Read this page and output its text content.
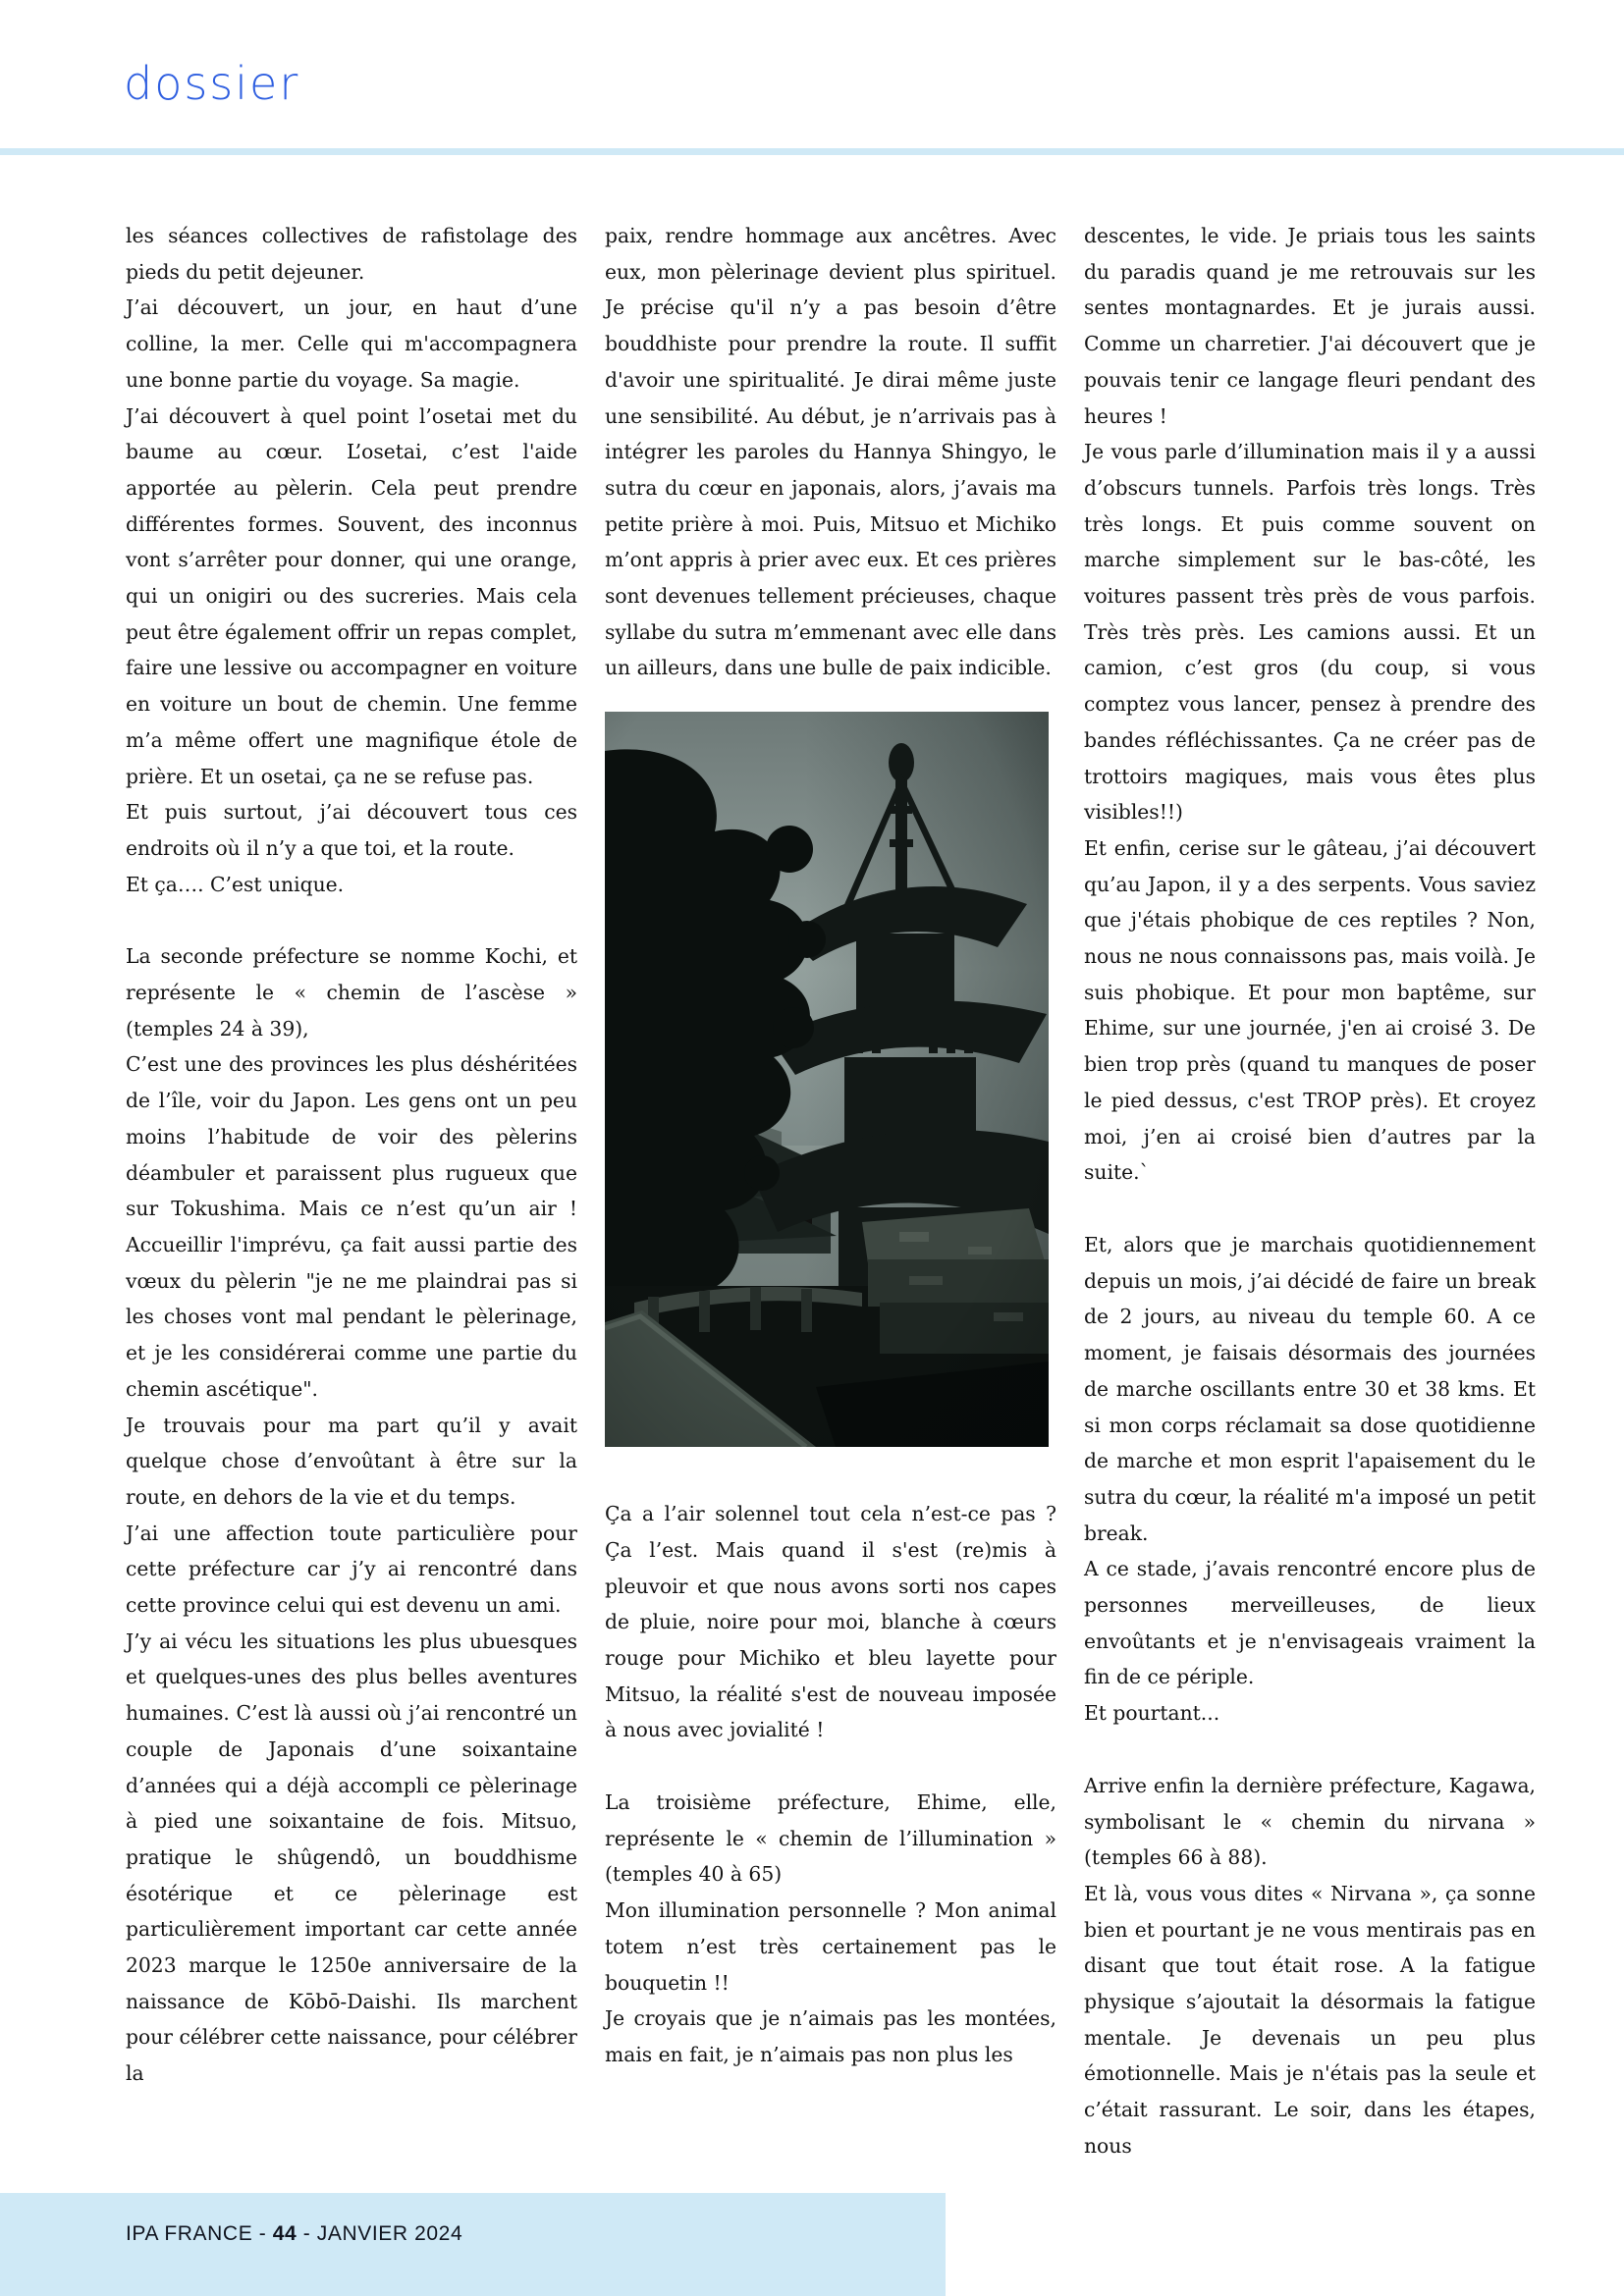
dossier

les séances collectives de rafistolage des pieds du petit dejeuner.

J’ai découvert, un jour, en haut d’une colline, la mer. Celle qui m'accompagnera une bonne partie du voyage. Sa magie.

J’ai découvert à quel point l’osetai met du baume au cœur. L’osetai, c’est l'aide apportée au pèlerin. Cela peut prendre différentes formes. Souvent, des inconnus vont s’arrêter pour donner, qui une orange, qui un onigiri ou des sucreries. Mais cela peut être également offrir un repas complet, faire une lessive ou accompagner en voiture en voiture un bout de chemin. Une femme m’a même offert une magnifique étole de prière. Et un osetai, ça ne se refuse pas.

Et puis surtout, j’ai découvert tous ces endroits où il n’y a que toi, et la route.

Et ça…. C’est unique.

La seconde préfecture se nomme Kochi, et représente le « chemin de l’ascèse » (temples 24 à 39),

C’est une des provinces les plus déshéritées de l’île, voir du Japon. Les gens ont un peu moins l’habitude de voir des pèlerins déambuler et paraissent plus rugueux que sur Tokushima. Mais ce n’est qu’un air ! Accueillir l'imprévu, ça fait aussi partie des vœux du pèlerin "je ne me plaindrai pas si les choses vont mal pendant le pèlerinage, et je les considérerai comme une partie du chemin ascétique".

Je trouvais pour ma part qu’il y avait quelque chose d’envoûtant à être sur la route, en dehors de la vie et du temps.

J’ai une affection toute particulière pour cette préfecture car j’y ai rencontré dans cette province celui qui est devenu un ami.

J’y ai vécu les situations les plus ubuesques et quelques-unes des plus belles aventures humaines. C’est là aussi où j’ai rencontré un couple de Japonais d’une soixantaine d’années qui a déjà accompli ce pèlerinage à pied une soixantaine de fois. Mitsuo, pratique le shûgendô, un bouddhisme ésotérique et ce pèlerinage est particulièrement important car cette année 2023 marque le 1250e anniversaire de la naissance de Kōbō-Daishi. Ils marchent pour célébrer cette naissance, pour célébrer la

paix, rendre hommage aux ancêtres. Avec eux, mon pèlerinage devient plus spirituel. Je précise qu'il n’y a pas besoin d’être bouddhiste pour prendre la route. Il suffit d'avoir une spiritualité. Je dirai même juste une sensibilité. Au début, je n’arrivais pas à intégrer les paroles du Hannya Shingyo, le sutra du cœur en japonais, alors, j’avais ma petite prière à moi. Puis, Mitsuo et Michiko m’ont appris à prier avec eux. Et ces prières sont devenues tellement précieuses, chaque syllabe du sutra m’emmenant avec elle dans un ailleurs, dans une bulle de paix indicible.

Ça a l’air solennel tout cela n’est-ce pas ? Ça l’est. Mais quand il s'est (re)mis à pleuvoir et que nous avons sorti nos capes de pluie, noire pour moi, blanche à cœurs rouge pour Michiko et bleu layette pour Mitsuo, la réalité s'est de nouveau imposée à nous avec jovialité !

La troisième préfecture, Ehime, elle, représente le « chemin de l’illumination » (temples 40 à 65)

Mon illumination personnelle ? Mon animal totem n’est très certainement pas le bouquetin !!

Je croyais que je n’aimais pas les montées, mais en fait, je n’aimais pas non plus les

descentes, le vide. Je priais tous les saints du paradis quand je me retrouvais sur les sentes montagnardes. Et je jurais aussi. Comme un charretier. J'ai découvert que je pouvais tenir ce langage fleuri pendant des heures !

Je vous parle d’illumination mais il y a aussi d’obscurs tunnels. Parfois très longs. Très très longs. Et puis comme souvent on marche simplement sur le bas-côté, les voitures passent très près de vous parfois. Très très près. Les camions aussi. Et un camion, c’est gros (du coup, si vous comptez vous lancer, pensez à prendre des bandes réfléchissantes. Ça ne créer pas de trottoirs magiques, mais vous êtes plus visibles!!)

Et enfin, cerise sur le gâteau, j’ai découvert qu’au Japon, il y a des serpents. Vous saviez que j'étais phobique de ces reptiles ? Non, nous ne nous connaissons pas, mais voilà. Je suis phobique. Et pour mon baptême, sur Ehime, sur une journée, j'en ai croisé 3. De bien trop près (quand tu manques de poser le pied dessus, c'est TROP près). Et croyez moi, j’en ai croisé bien d’autres par la suite.`

Et, alors que je marchais quotidiennement depuis un mois, j’ai décidé de faire un break de 2 jours, au niveau du temple 60. A ce moment, je faisais désormais des journées de marche oscillants entre 30 et 38 kms. Et si mon corps réclamait sa dose quotidienne de marche et mon esprit l'apaisement du le sutra du cœur, la réalité m'a imposé un petit break.

A ce stade, j’avais rencontré encore plus de personnes merveilleuses, de lieux envoûtants et je n'envisageais vraiment la fin de ce périple.

Et pourtant...

Arrive enfin la dernière préfecture, Kagawa, symbolisant le « chemin du nirvana » (temples 66 à 88).

Et là, vous vous dites « Nirvana », ça sonne bien et pourtant je ne vous mentirais pas en disant que tout était rose. A la fatigue physique s’ajoutait la désormais la fatigue mentale. Je devenais un peu plus émotionnelle. Mais je n'étais pas la seule et c’était rassurant. Le soir, dans les étapes, nous

IPA FRANCE - 44 - JANVIER 2024
